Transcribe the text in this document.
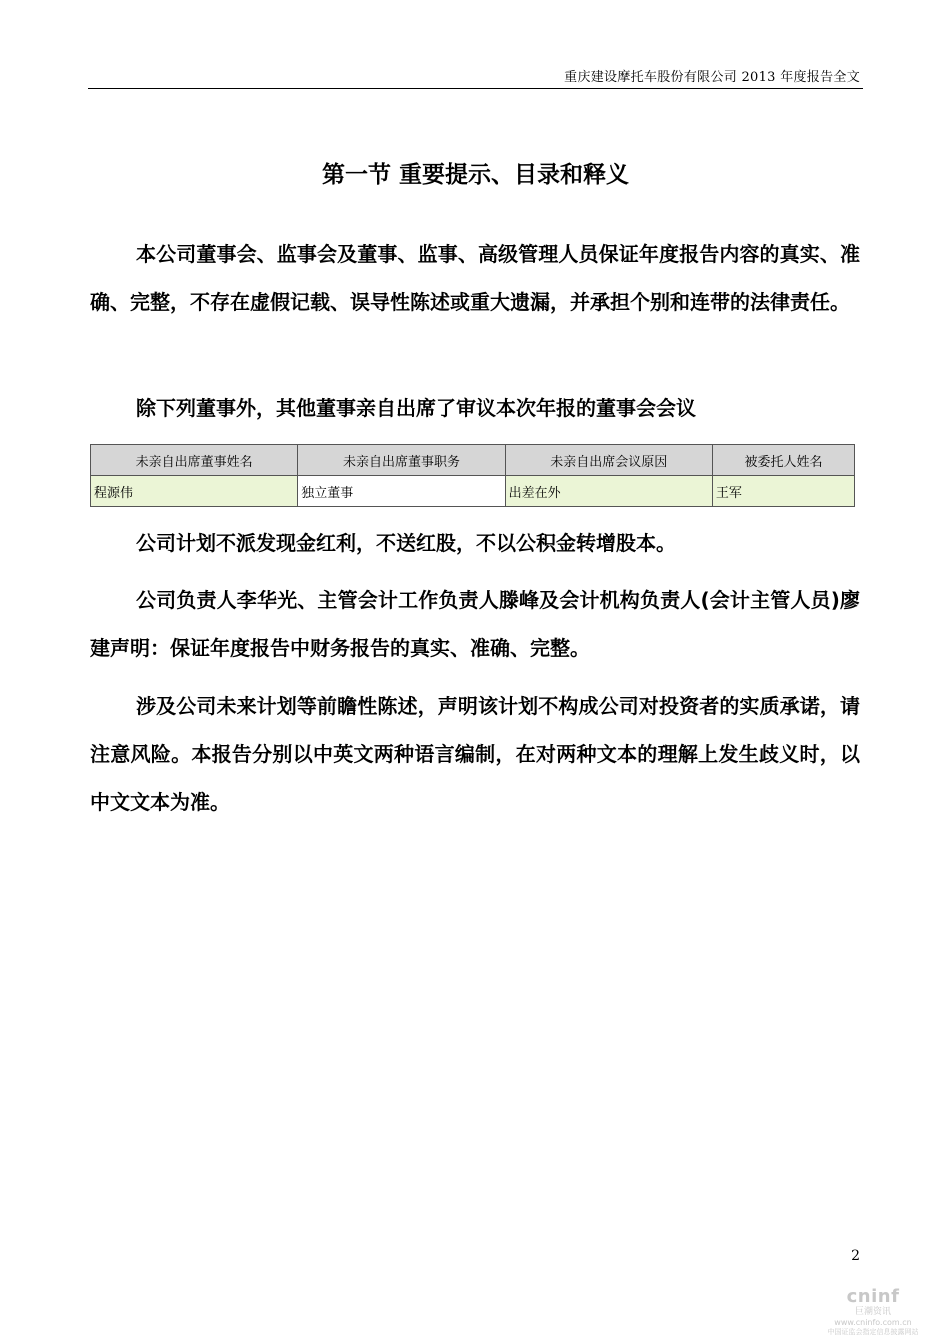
重庆建设摩托车股份有限公司 2013 年度报告全文
第一节 重要提示、目录和释义
本公司董事会、监事会及董事、监事、高级管理人员保证年度报告内容的真实、准确、完整，不存在虚假记载、误导性陈述或重大遗漏，并承担个别和连带的法律责任。
除下列董事外，其他董事亲自出席了审议本次年报的董事会会议
未亲自出席董事姓名	未亲自出席董事职务	未亲自出席会议原因	被委托人姓名
程源伟	独立董事	出差在外	王军
公司计划不派发现金红利，不送红股，不以公积金转增股本。
公司负责人李华光、主管会计工作负责人滕峰及会计机构负责人(会计主管人员)廖建声明：保证年度报告中财务报告的真实、准确、完整。
涉及公司未来计划等前瞻性陈述，声明该计划不构成公司对投资者的实质承诺，请注意风险。本报告分别以中英文两种语言编制，在对两种文本的理解上发生歧义时，以中文文本为准。
2
cninf
巨潮资讯
www.cninfo.com.cn
中国证监会指定信息披露网站
